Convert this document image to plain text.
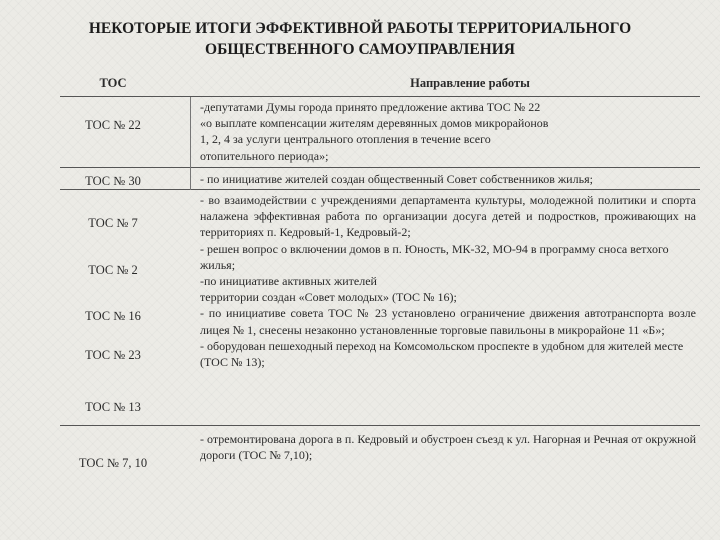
НЕКОТОРЫЕ ИТОГИ ЭФФЕКТИВНОЙ РАБОТЫ ТЕРРИТОРИАЛЬНОГО
ОБЩЕСТВЕННОГО САМОУПРАВЛЕНИЯ
ТОС	Направление работы
ТОС № 22
ТОС № 30
ТОС № 7
ТОС № 2
ТОС № 16
ТОС № 23
ТОС № 13
ТОС № 7, 10

-депутатами Думы города принято предложение актива ТОС № 22

«о выплате компенсации жителям деревянных домов микрорайонов

1, 2, 4 за услуги центрального отопления в течение всего

отопительного периода»;

- по инициативе жителей создан общественный Совет собственников жилья;

- во взаимодействии с учреждениями департамента культуры, молодежной политики и спорта налажена эффективная работа по организации досуга детей и подростков, проживающих на территориях п. Кедровый-1, Кедровый-2;

- решен вопрос о включении домов в п. Юность, МК-32, МО-94 в программу сноса ветхого жилья;

-по инициативе активных жителей

территории создан «Совет молодых» (ТОС № 16);

- по инициативе совета ТОС № 23 установлено ограничение движения автотранспорта возле лицея № 1, снесены незаконно установленные торговые павильоны в микрорайоне 11 «Б»;

- оборудован пешеходный переход на Комсомольском проспекте в удобном для жителей месте (ТОС № 13);

- отремонтирована дорога в п. Кедровый и обустроен съезд к ул. Нагорная и Речная от окружной дороги (ТОС № 7,10);
